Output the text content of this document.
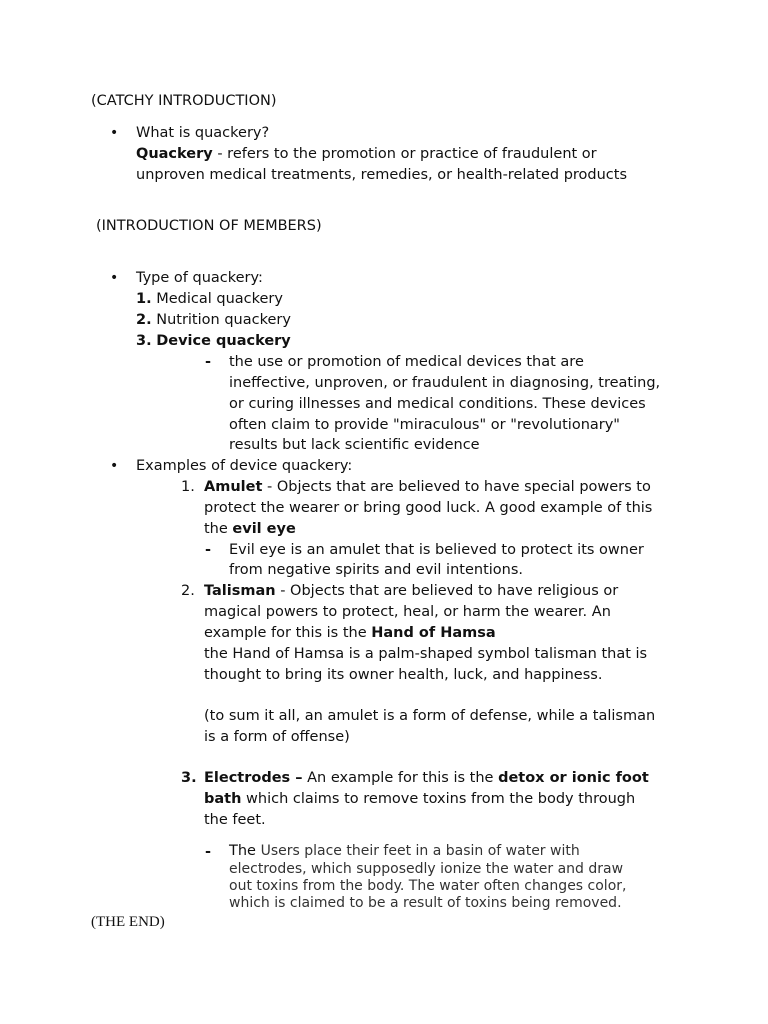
(CATCHY INTRODUCTION)

• What is quackery?

Quackery - refers to the promotion or practice of fraudulent or

unproven medical treatments, remedies, or health-related products

(INTRODUCTION OF MEMBERS)

• Type of quackery:

1. Medical quackery

2. Nutrition quackery

3. Device quackery

- the use or promotion of medical devices that are

ineffective, unproven, or fraudulent in diagnosing, treating,

or curing illnesses and medical conditions. These devices

often claim to provide "miraculous" or "revolutionary"

results but lack scientific evidence

• Examples of device quackery:

1. Amulet - Objects that are believed to have special powers to

protect the wearer or bring good luck. A good example of this

the evil eye

- Evil eye is an amulet that is believed to protect its owner

from negative spirits and evil intentions.

2. Talisman - Objects that are believed to have religious or

magical powers to protect, heal, or harm the wearer. An

example for this is the Hand of Hamsa

the Hand of Hamsa is a palm-shaped symbol talisman that is

thought to bring its owner health, luck, and happiness.

(to sum it all, an amulet is a form of defense, while a talisman

is a form of offense)

3. Electrodes – An example for this is the detox or ionic foot

bath which claims to remove toxins from the body through

the feet.

- The Users place their feet in a basin of water with

electrodes, which supposedly ionize the water and draw

out toxins from the body. The water often changes color,

which is claimed to be a result of toxins being removed.

(THE END)
